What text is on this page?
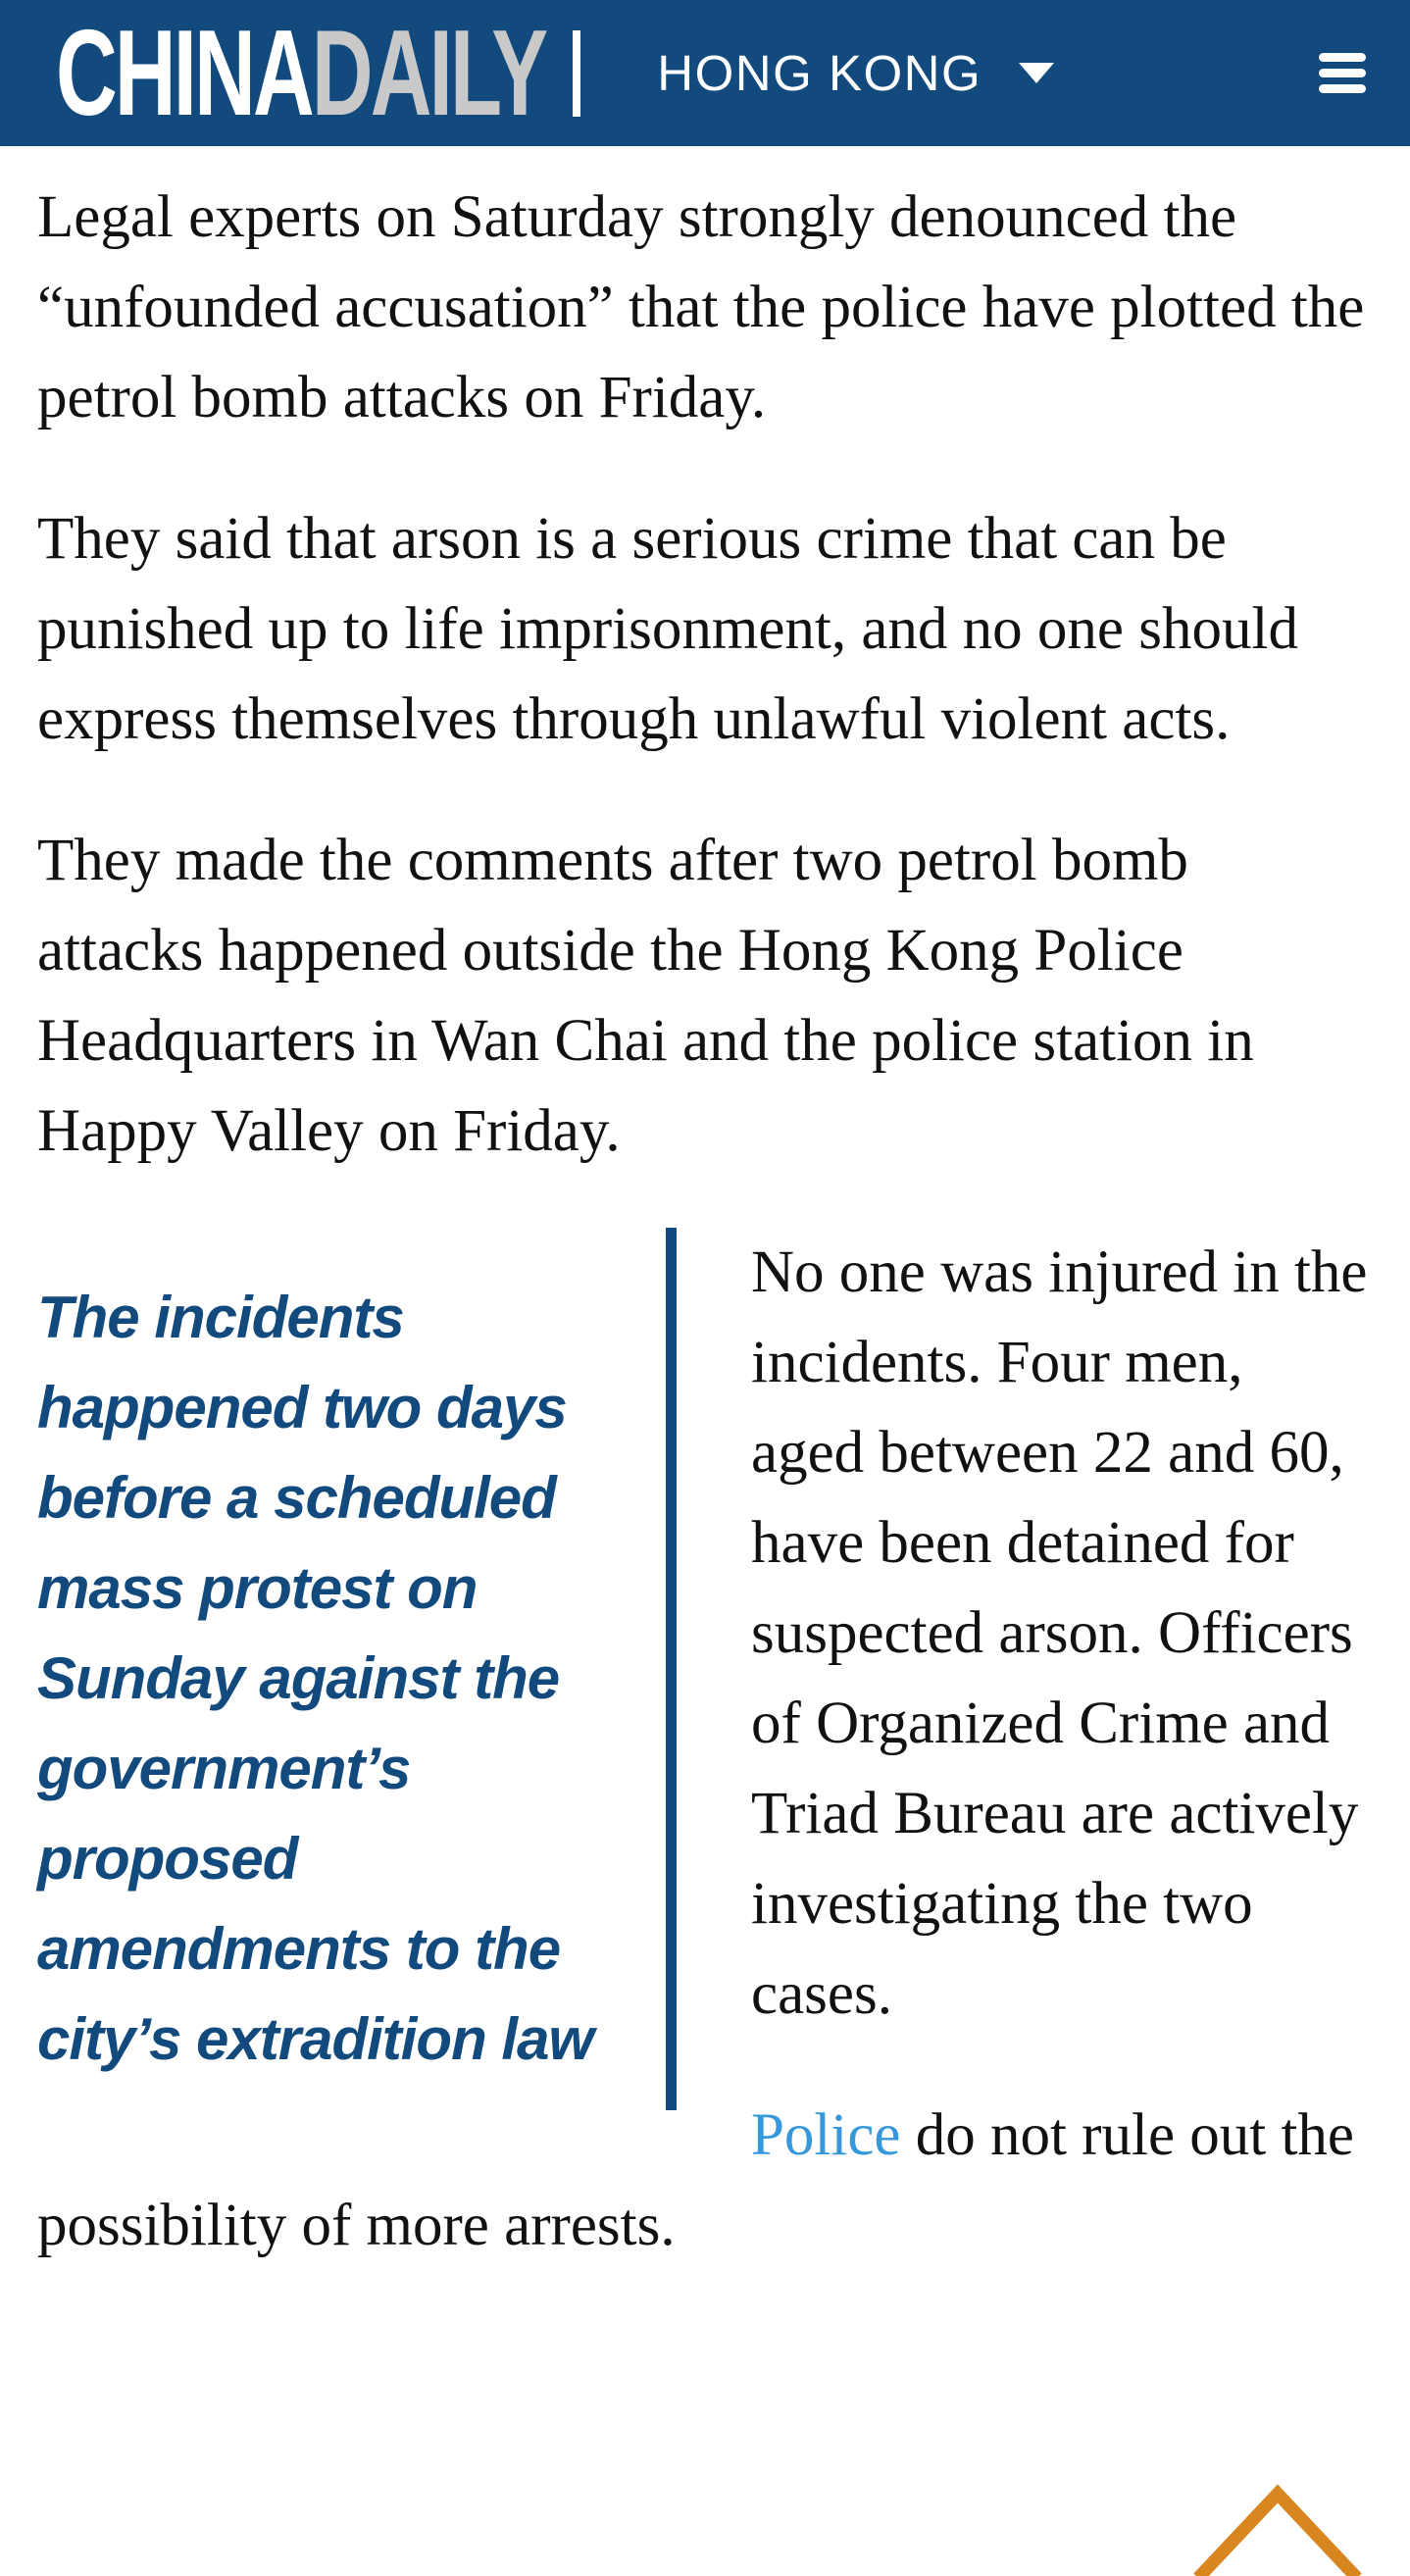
CHINA DAILY HONG KONG

Legal experts on Saturday strongly denounced the “unfounded accusation” that the police have plotted the petrol bomb attacks on Friday.

They said that arson is a serious crime that can be punished up to life imprisonment, and no one should express themselves through unlawful violent acts.

They made the comments after two petrol bomb attacks happened outside the Hong Kong Police Headquarters in Wan Chai and the police station in Happy Valley on Friday.

The incidents happened two days before a scheduled mass protest on Sunday against the government’s proposed amendments to the city’s extradition law

No one was injured in the incidents. Four men, aged between 22 and 60, have been detained for suspected arson. Officers of Organized Crime and Triad Bureau are actively investigating the two cases.

Police do not rule out the possibility of more arrests.
